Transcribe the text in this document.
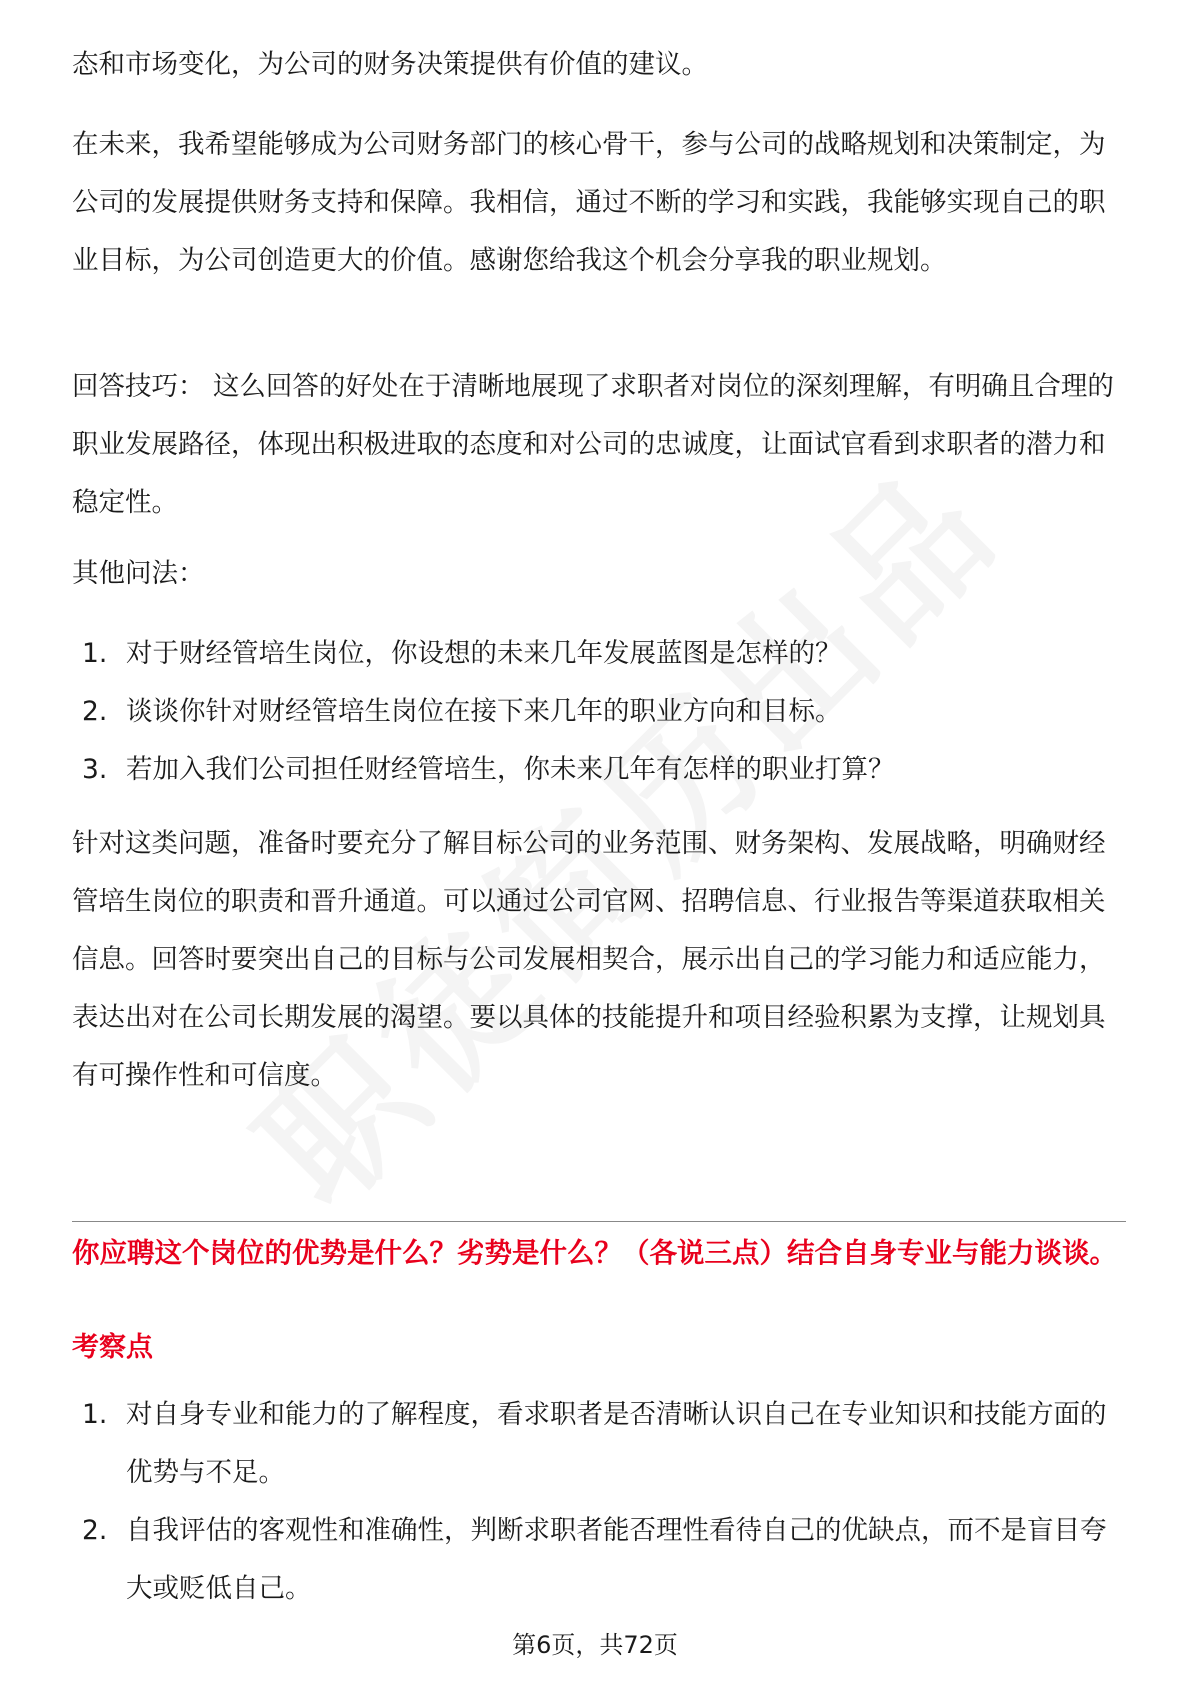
态和市场变化，为公司的财务决策提供有价值的建议。
在未来，我希望能够成为公司财务部门的核心骨干，参与公司的战略规划和决策制定，为公司的发展提供财务支持和保障。我相信，通过不断的学习和实践，我能够实现自己的职业目标，为公司创造更大的价值。感谢您给我这个机会分享我的职业规划。
回答技巧： 这么回答的好处在于清晰地展现了求职者对岗位的深刻理解，有明确且合理的职业发展路径，体现出积极进取的态度和对公司的忠诚度，让面试官看到求职者的潜力和稳定性。
其他问法：
1. 对于财经管培生岗位，你设想的未来几年发展蓝图是怎样的？
2. 谈谈你针对财经管培生岗位在接下来几年的职业方向和目标。
3. 若加入我们公司担任财经管培生，你未来几年有怎样的职业打算？
针对这类问题，准备时要充分了解目标公司的业务范围、财务架构、发展战略，明确财经管培生岗位的职责和晋升通道。可以通过公司官网、招聘信息、行业报告等渠道获取相关信息。回答时要突出自己的目标与公司发展相契合，展示出自己的学习能力和适应能力，表达出对在公司长期发展的渴望。要以具体的技能提升和项目经验积累为支撑，让规划具有可操作性和可信度。
你应聘这个岗位的优势是什么？劣势是什么？（各说三点）结合自身专业与能力谈谈。
考察点
1. 对自身专业和能力的了解程度，看求职者是否清晰认识自己在专业知识和技能方面的优势与不足。
2. 自我评估的客观性和准确性，判断求职者能否理性看待自己的优缺点，而不是盲目夸大或贬低自己。
第6页，共72页
